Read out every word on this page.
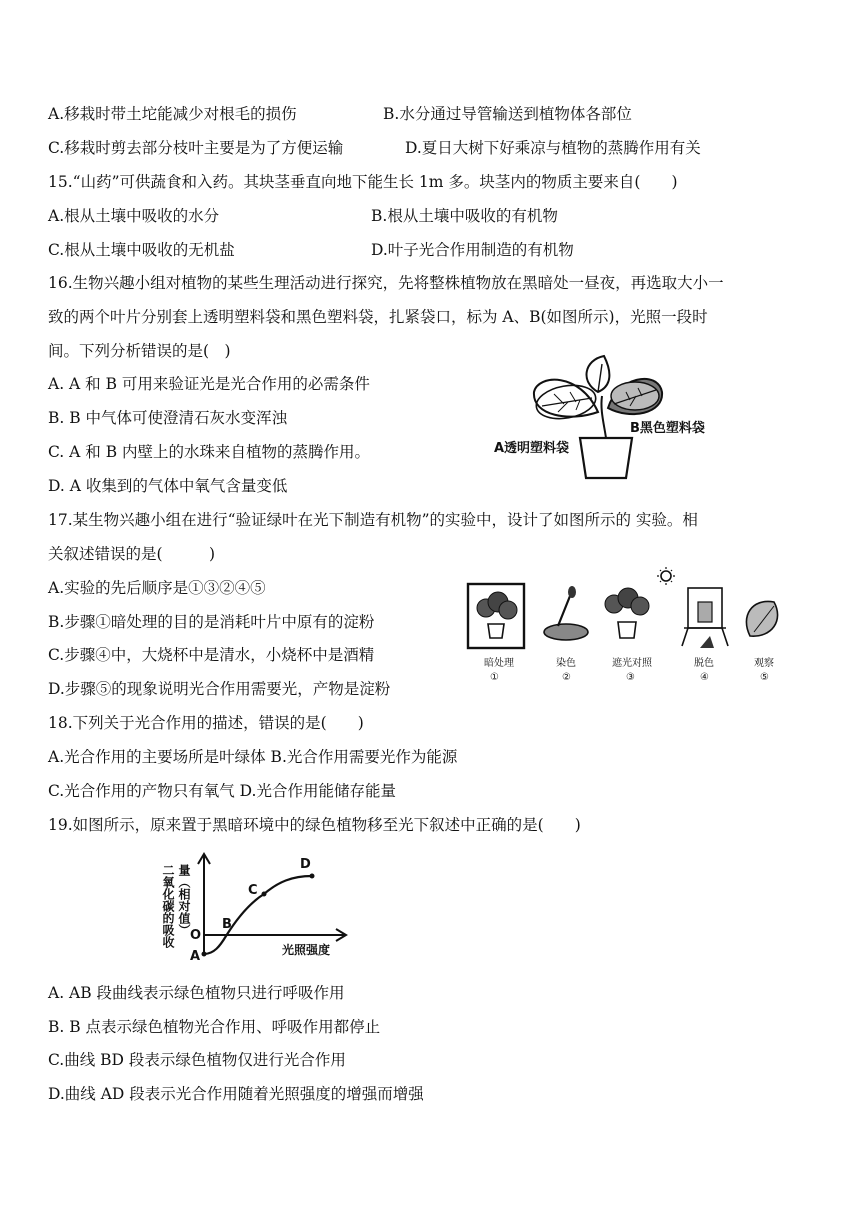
A.移栽时带土坨能减少对根毛的损伤	B.水分通过导管输送到植物体各部位
C.移栽时剪去部分枝叶主要是为了方便运输	D.夏日大树下好乘凉与植物的蒸腾作用有关
15.“山药”可供蔬食和入药。其块茎垂直向地下能生长 1m 多。块茎内的物质主要来自(　　)
A.根从土壤中吸收的水分	B.根从土壤中吸收的有机物
C.根从土壤中吸收的无机盐	D.叶子光合作用制造的有机物
16.生物兴趣小组对植物的某些生理活动进行探究，先将整株植物放在黑暗处一昼夜，再选取大小一
致的两个叶片分别套上透明塑料袋和黑色塑料袋，扎紧袋口，标为 A、B(如图所示)，光照一段时
间。下列分析错误的是(　)
A. A 和 B 可用来验证光是光合作用的必需条件
B. B 中气体可使澄清石灰水变浑浊
C. A 和 B 内壁上的水珠来自植物的蒸腾作用。
D. A 收集到的气体中氧气含量变低
A透明塑料袋
B黑色塑料袋
17.某生物兴趣小组在进行“验证绿叶在光下制造有机物”的实验中，设计了如图所示的 实验。相
关叙述错误的是(　　　)
A.实验的先后顺序是①③②④⑤
B.步骤①暗处理的目的是消耗叶片中原有的淀粉
C.步骤④中，大烧杯中是清水，小烧杯中是酒精
D.步骤⑤的现象说明光合作用需要光，产物是淀粉
暗处理
①
染色
②
遮光对照
③
脱色
④
观察
⑤
18.下列关于光合作用的描述，错误的是(　　)
A.光合作用的主要场所是叶绿体 B.光合作用需要光作为能源
C.光合作用的产物只有氧气 D.光合作用能储存能量
19.如图所示，原来置于黑暗环境中的绿色植物移至光下叙述中正确的是(　　)
二氧化碳的吸收 量（相对值） O
光照强度
A
B
C
D
A. AB 段曲线表示绿色植物只进行呼吸作用
B. B 点表示绿色植物光合作用、呼吸作用都停止
C.曲线 BD 段表示绿色植物仅进行光合作用
D.曲线 AD 段表示光合作用随着光照强度的增强而增强
